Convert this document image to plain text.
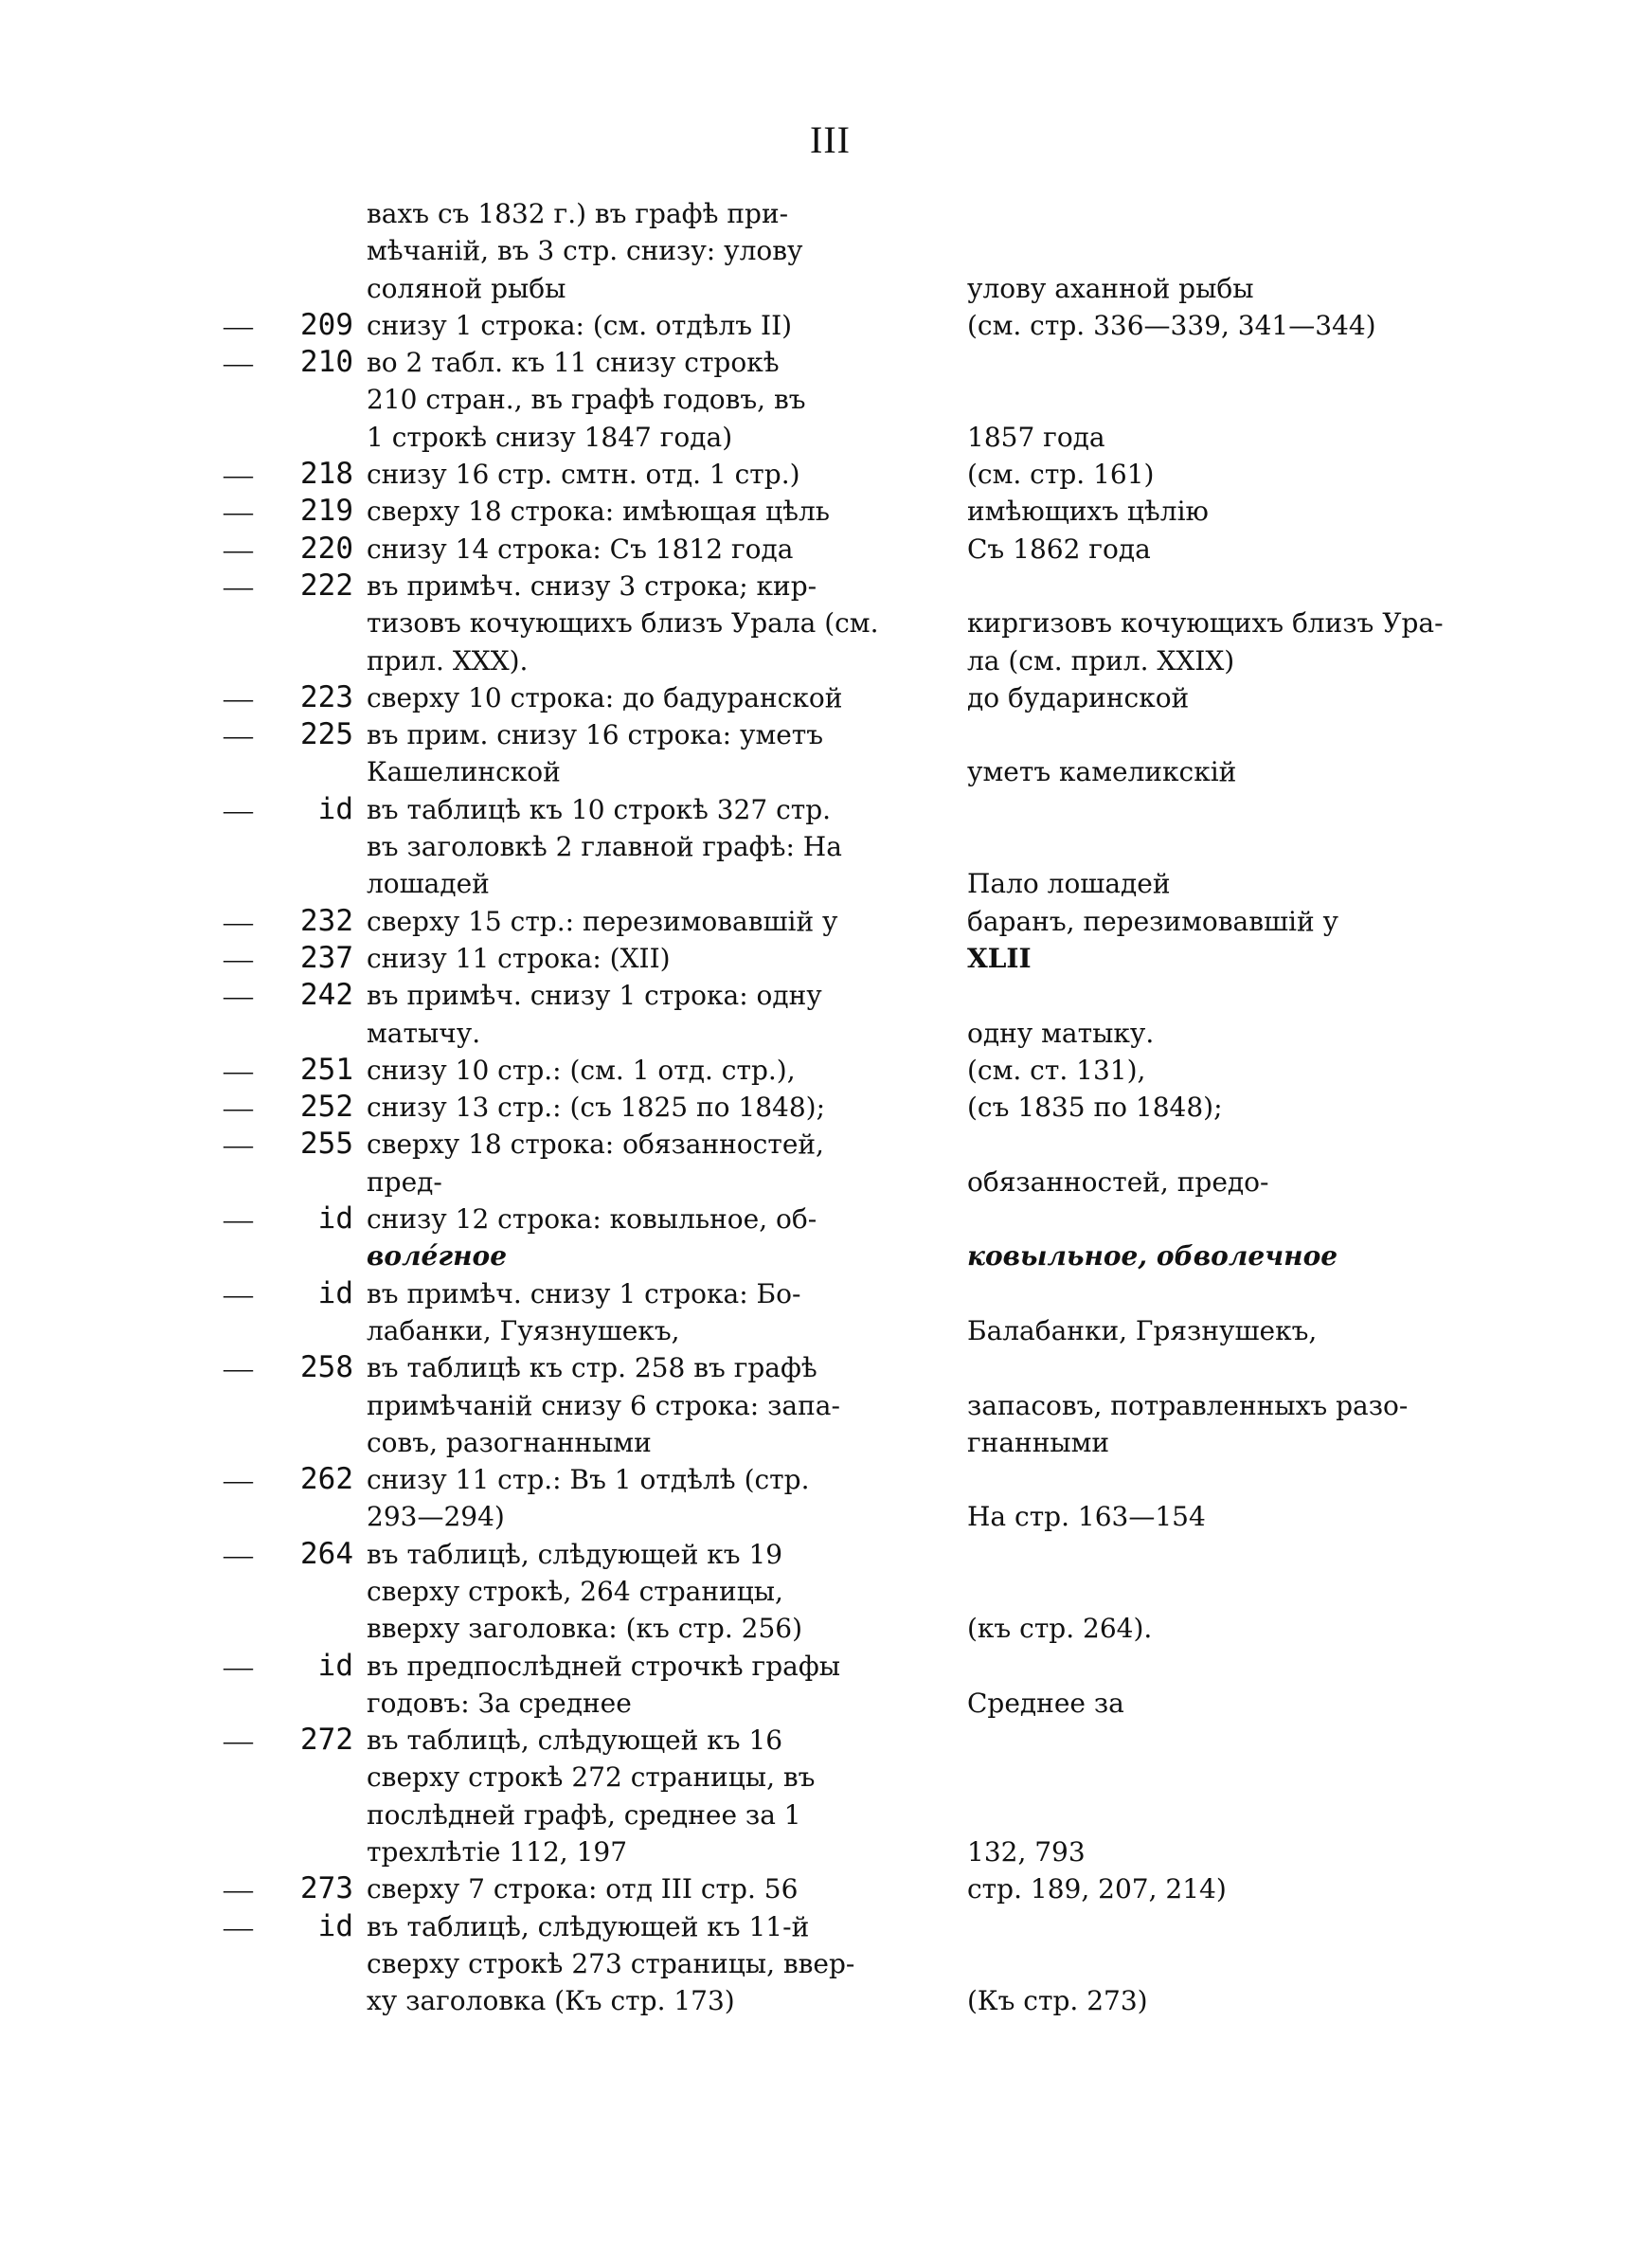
III
вахъ съ 1832 г.) въ графѣ при-
мѣчаній, въ 3 стр. снизу: улову
соляной рыбы	улову аханной рыбы
—	209 снизу 1 строка: (см. отдѣлъ II)	(см. стр. 336—339, 341—344)
—	210 во 2 табл. къ 11 снизу строкѣ
210 стран., въ графѣ годовъ, въ
1 строкѣ снизу 1847 года)	1857 года
—	218 снизу 16 стр. смтн. отд. 1 стр.)	(см. стр. 161)
—	219 сверху 18 строка: имѣющая цѣль	имѣющихъ цѣлію
—	220 снизу 14 строка: Съ 1812 года	Съ 1862 года
—	222 въ примѣч. снизу 3 строка; кир-
тизовъ кочующихъ близъ Урала (см.	киргизовъ кочующихъ близъ Ура-
прил. XXX).	ла (см. прил. XXIX)
—	223 сверху 10 строка: до бадуранской	до бударинской
—	225 въ прим. снизу 16 строка: уметъ
Кашелинской	уметъ камеликскій
—	id въ таблицѣ къ 10 строкѣ 327 стр.
въ заголовкѣ 2 главной графѣ: На
лошадей	Пало лошадей
—	232 сверху 15 стр.: перезимовавшій у	баранъ, перезимовавшій у
—	237 снизу 11 строка: (XII)	XLII
—	242 въ примѣч. снизу 1 строка: одну
матычу.	одну матыку.
—	251 снизу 10 стр.: (см. 1 отд. стр.),	(см. ст. 131),
—	252 снизу 13 стр.: (съ 1825 по 1848);	(съ 1835 по 1848);
—	255 сверху 18 строка: обязанностей,
пред-	обязанностей, предо-
—	id снизу 12 строка: ковыльное, об-
воле́гное	ковыльное, обволечное
—	id въ примѣч. снизу 1 строка: Бо-
лабанки, Гуязнушекъ,	Балабанки, Грязнушекъ,
—	258 въ таблицѣ къ стр. 258 въ графѣ
примѣчаній снизу 6 строка: запа-	запасовъ, потравленныхъ разо-
совъ, разогнанными	гнанными
—	262 снизу 11 стр.: Въ 1 отдѣлѣ (стр.
293—294)	На стр. 163—154
—	264 въ таблицѣ, слѣдующей къ 19
сверху строкѣ, 264 страницы,
вверху заголовка: (къ стр. 256)	(къ стр. 264).
—	id въ предпослѣдней строчкѣ графы
годовъ: За среднее	Среднее за
—	272 въ таблицѣ, слѣдующей къ 16
сверху строкѣ 272 страницы, въ
послѣдней графѣ, среднее за 1
трехлѣтіе 112, 197	132, 793
—	273 сверху 7 строка: отд III стр. 56	стр. 189, 207, 214)
—	id въ таблицѣ, слѣдующей къ 11-й
сверху строкѣ 273 страницы, ввер-
ху заголовка (Къ стр. 173)	(Къ стр. 273)
